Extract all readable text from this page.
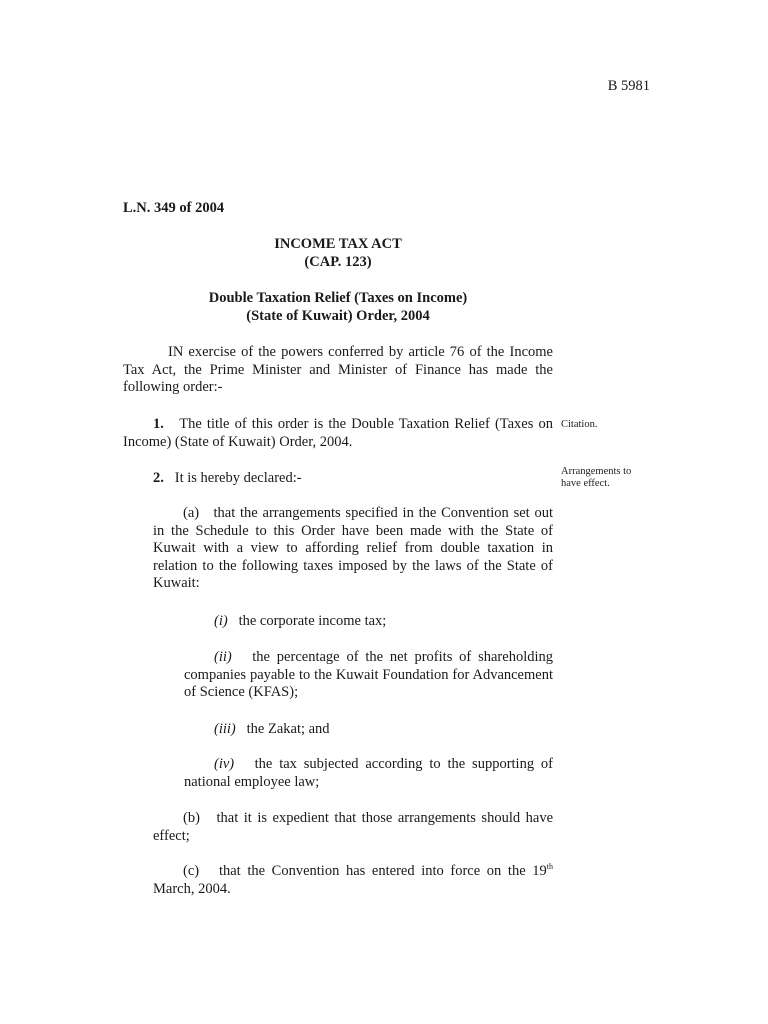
B 5981
L.N. 349 of 2004
INCOME TAX ACT
(CAP. 123)
Double Taxation Relief (Taxes on Income)
(State of Kuwait) Order, 2004
IN exercise of the powers conferred by article 76 of the Income Tax Act, the Prime Minister and Minister of Finance has made the following order:-
1. The title of this order is the Double Taxation Relief (Taxes on Income) (State of Kuwait) Order, 2004.
Citation.
2. It is hereby declared:-	Arrangements to
have effect.
(a) that the arrangements specified in the Convention set out in the Schedule to this Order have been made with the State of Kuwait with a view to affording relief from double taxation in relation to the following taxes imposed by the laws of the State of Kuwait:
(i) the corporate income tax;
(ii) the percentage of the net profits of shareholding companies payable to the Kuwait Foundation for Advancement of Science (KFAS);
(iii) the Zakat; and
(iv) the tax subjected according to the supporting of national employee law;
(b) that it is expedient that those arrangements should have effect;
(c) that the Convention has entered into force on the 19th March, 2004.
